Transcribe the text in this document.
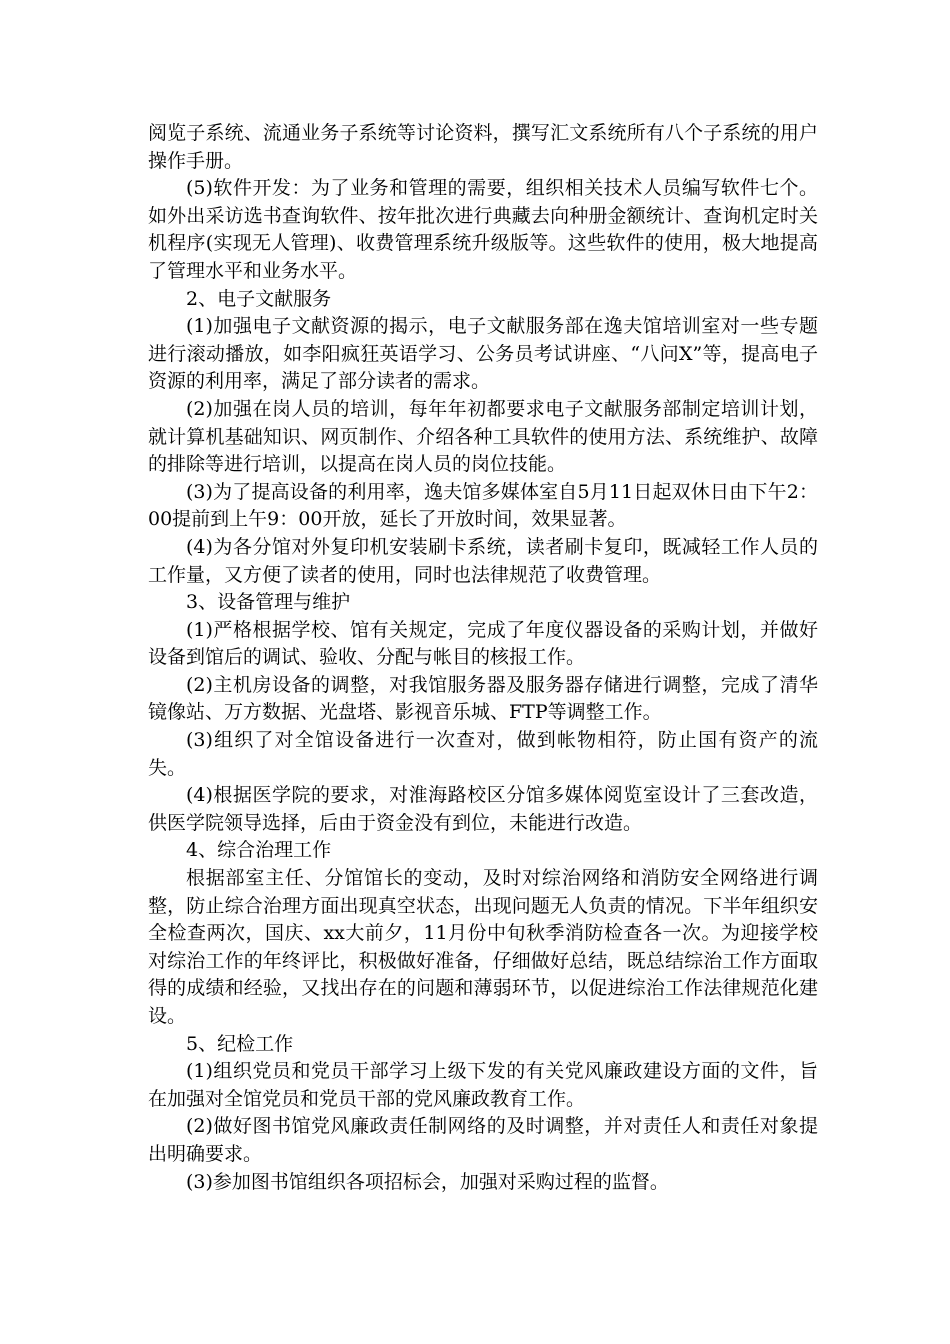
阅览子系统、流通业务子系统等讨论资料，撰写汇文系统所有八个子系统的用户操作手册。

(5)软件开发：为了业务和管理的需要，组织相关技术人员编写软件七个。如外出采访选书查询软件、按年批次进行典藏去向种册金额统计、查询机定时关机程序(实现无人管理)、收费管理系统升级版等。这些软件的使用，极大地提高了管理水平和业务水平。

2、电子文献服务

(1)加强电子文献资源的揭示，电子文献服务部在逸夫馆培训室对一些专题进行滚动播放，如李阳疯狂英语学习、公务员考试讲座、“八问X”等，提高电子资源的利用率，满足了部分读者的需求。

(2)加强在岗人员的培训，每年年初都要求电子文献服务部制定培训计划，就计算机基础知识、网页制作、介绍各种工具软件的使用方法、系统维护、故障的排除等进行培训，以提高在岗人员的岗位技能。

(3)为了提高设备的利用率，逸夫馆多媒体室自5月11日起双休日由下午2：00提前到上午9：00开放，延长了开放时间，效果显著。

(4)为各分馆对外复印机安装刷卡系统，读者刷卡复印，既减轻工作人员的工作量，又方便了读者的使用，同时也法律规范了收费管理。

3、设备管理与维护

(1)严格根据学校、馆有关规定，完成了年度仪器设备的采购计划，并做好设备到馆后的调试、验收、分配与帐目的核报工作。

(2)主机房设备的调整，对我馆服务器及服务器存储进行调整，完成了清华镜像站、万方数据、光盘塔、影视音乐城、FTP等调整工作。

(3)组织了对全馆设备进行一次查对，做到帐物相符，防止国有资产的流失。

(4)根据医学院的要求，对淮海路校区分馆多媒体阅览室设计了三套改造，供医学院领导选择，后由于资金没有到位，未能进行改造。

4、综合治理工作

根据部室主任、分馆馆长的变动，及时对综治网络和消防安全网络进行调整，防止综合治理方面出现真空状态，出现问题无人负责的情况。下半年组织安全检查两次，国庆、xx大前夕，11月份中旬秋季消防检查各一次。为迎接学校对综治工作的年终评比，积极做好准备，仔细做好总结，既总结综治工作方面取得的成绩和经验，又找出存在的问题和薄弱环节，以促进综治工作法律规范化建设。

5、纪检工作

(1)组织党员和党员干部学习上级下发的有关党风廉政建设方面的文件，旨在加强对全馆党员和党员干部的党风廉政教育工作。

(2)做好图书馆党风廉政责任制网络的及时调整，并对责任人和责任对象提出明确要求。

(3)参加图书馆组织各项招标会，加强对采购过程的监督。
